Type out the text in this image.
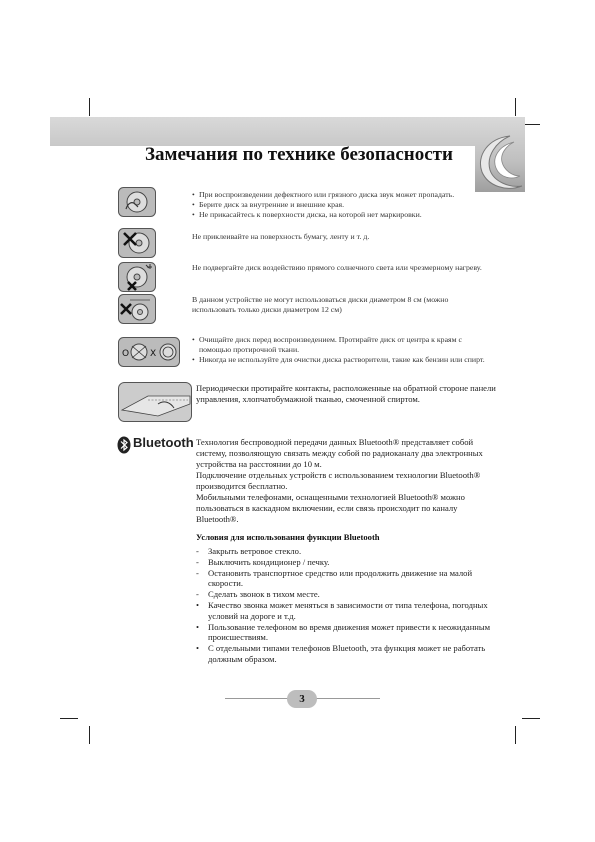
Замечания по технике безопасности
• При воспроизведении дефектного или грязного диска звук может пропадать.
• Берите диск за внутренние и внешние края.
• Не прикасайтесь к поверхности диска, на которой нет маркировки.

Не приклеивайте на поверхность бумагу, ленту и т. д.

Не подвергайте диск воздействию прямого солнечного света или чрезмерному нагреву.

В данном устройстве не могут использоваться диски диаметром 8 см (можно использовать только диски диаметром 12 см)

O X
• Очищайте диск перед воспроизведением. Протирайте диск от центра к краям с помощью протирочной ткани.
• Никогда не используйте для очистки диска растворители, такие как бензин или спирт.

Периодически протирайте контакты, расположенные на обратной стороне панели управления, хлопчатобумажной тканью, смоченной спиртом.

Bluetooth Технология беспроводной передачи данных Bluetooth® представляет собой систему, позволяющую связать между собой по радиоканалу два электронных устройства на расстоянии до 10 м.

Подключение отдельных устройств с использованием технологии Bluetooth® производится бесплатно.

Мобильными телефонами, оснащенными технологией Bluetooth® можно пользоваться в каскадном включении, если связь происходит по каналу Bluetooth®.

Условия для использования функции Bluetooth
- Закрыть ветровое стекло.
- Выключить кондиционер / печку.
- Остановить транспортное средство или продолжить движение на малой скорости.
- Сделать звонок в тихом месте.
• Качество звонка может меняться в зависимости от типа телефона, погодных условий на дороге и т.д.
• Пользование телефоном во время движения может привести к неожиданным происшествиям.
• С отдельными типами телефонов Bluetooth, эта функция может не работать должным образом.
3
